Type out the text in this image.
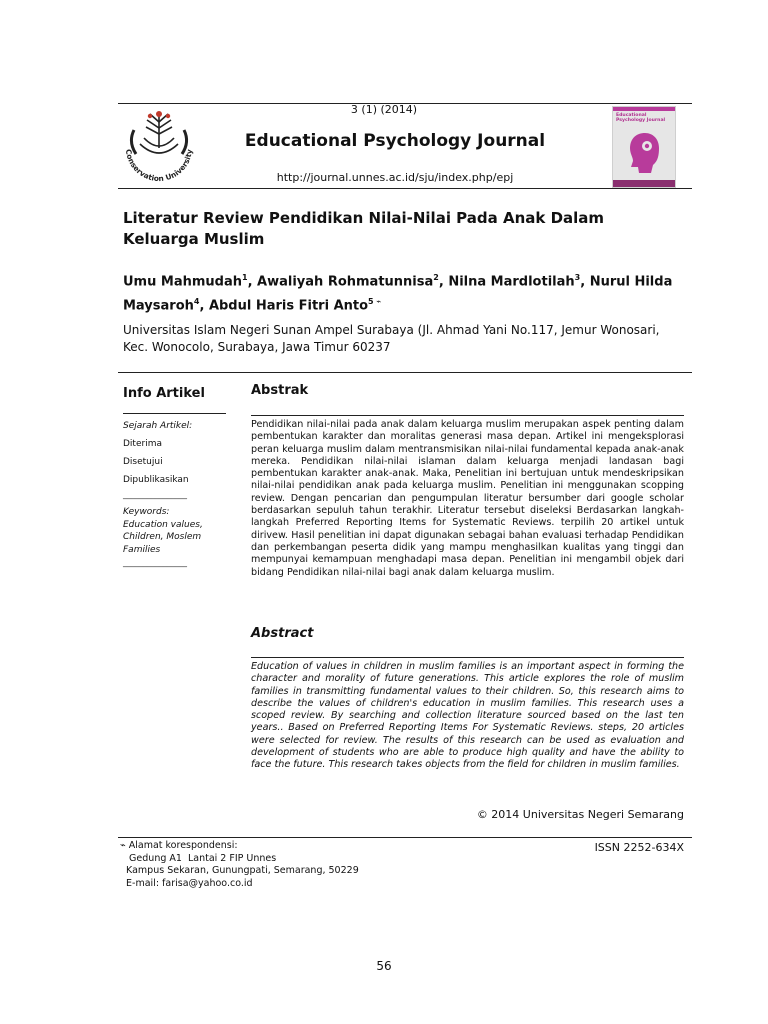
3 (1) (2014)
Conservation University
Educational Psychology Journal
http://journal.unnes.ac.id/sju/index.php/epj
Educational Psychology Journal
Literatur Review Pendidikan Nilai-Nilai Pada Anak Dalam Keluarga Muslim
Umu Mahmudah$^1$, Awaliyah Rohmatunnisa$^2$, Nilna Mardlotilah$^3$, Nurul Hilda Maysaroh$^4$, Abdul Haris Fitri Anto$^{5 ⌁}$
Universitas Islam Negeri Sunan Ampel Surabaya (Jl. Ahmad Yani No.117, Jemur Wonosari, Kec. Wonocolo, Surabaya, Jawa Timur 60237
Info Artikel
Sejarah Artikel:
Diterima
Disetujui
Dipublikasikan
________________
Keywords:
Education values, Children, Moslem Families
________________
Abstrak
Pendidikan nilai-nilai pada anak dalam keluarga muslim merupakan aspek penting dalam pembentukan karakter dan moralitas generasi masa depan. Artikel ini mengeksplorasi peran keluarga muslim dalam mentransmisikan nilai-nilai fundamental kepada anak-anak mereka. Pendidikan nilai-nilai islaman dalam keluarga menjadi landasan bagi pembentukan karakter anak-anak. Maka, Penelitian ini bertujuan untuk mendeskripsikan nilai-nilai pendidikan anak pada keluarga muslim. Penelitian ini menggunakan scopping review. Dengan pencarian dan pengumpulan literatur bersumber dari google scholar berdasarkan sepuluh tahun terakhir. Literatur tersebut diseleksi Berdasarkan langkah-langkah Preferred Reporting Items for Systematic Reviews. terpilih 20 artikel untuk dirivew. Hasil penelitian ini dapat digunakan sebagai bahan evaluasi terhadap Pendidikan dan perkembangan peserta didik yang mampu menghasilkan kualitas yang tinggi dan mempunyai kemampuan menghadapi masa depan. Penelitian ini mengambil objek dari bidang Pendidikan nilai-nilai bagi anak dalam keluarga muslim.
Abstract
Education of values in children in muslim families is an important aspect in forming the character and morality of future generations. This article explores the role of muslim families in transmitting fundamental values to their children. So, this research aims to describe the values of children's education in muslim families. This research uses a scoped review. By searching and collection literature sourced based on the last ten years.. Based on Preferred Reporting Items For Systematic Reviews. steps, 20 articles were selected for review. The results of this research can be used as evaluation and development of students who are able to produce high quality and have the ability to face the future. This research takes objects from the field for children in muslim families.
© 2014 Universitas Negeri Semarang
⌁ Alamat korespondensi:
Gedung A1  Lantai 2 FIP Unnes
Kampus Sekaran, Gunungpati, Semarang, 50229
E-mail: farisa@yahoo.co.id
ISSN 2252-634X
56
